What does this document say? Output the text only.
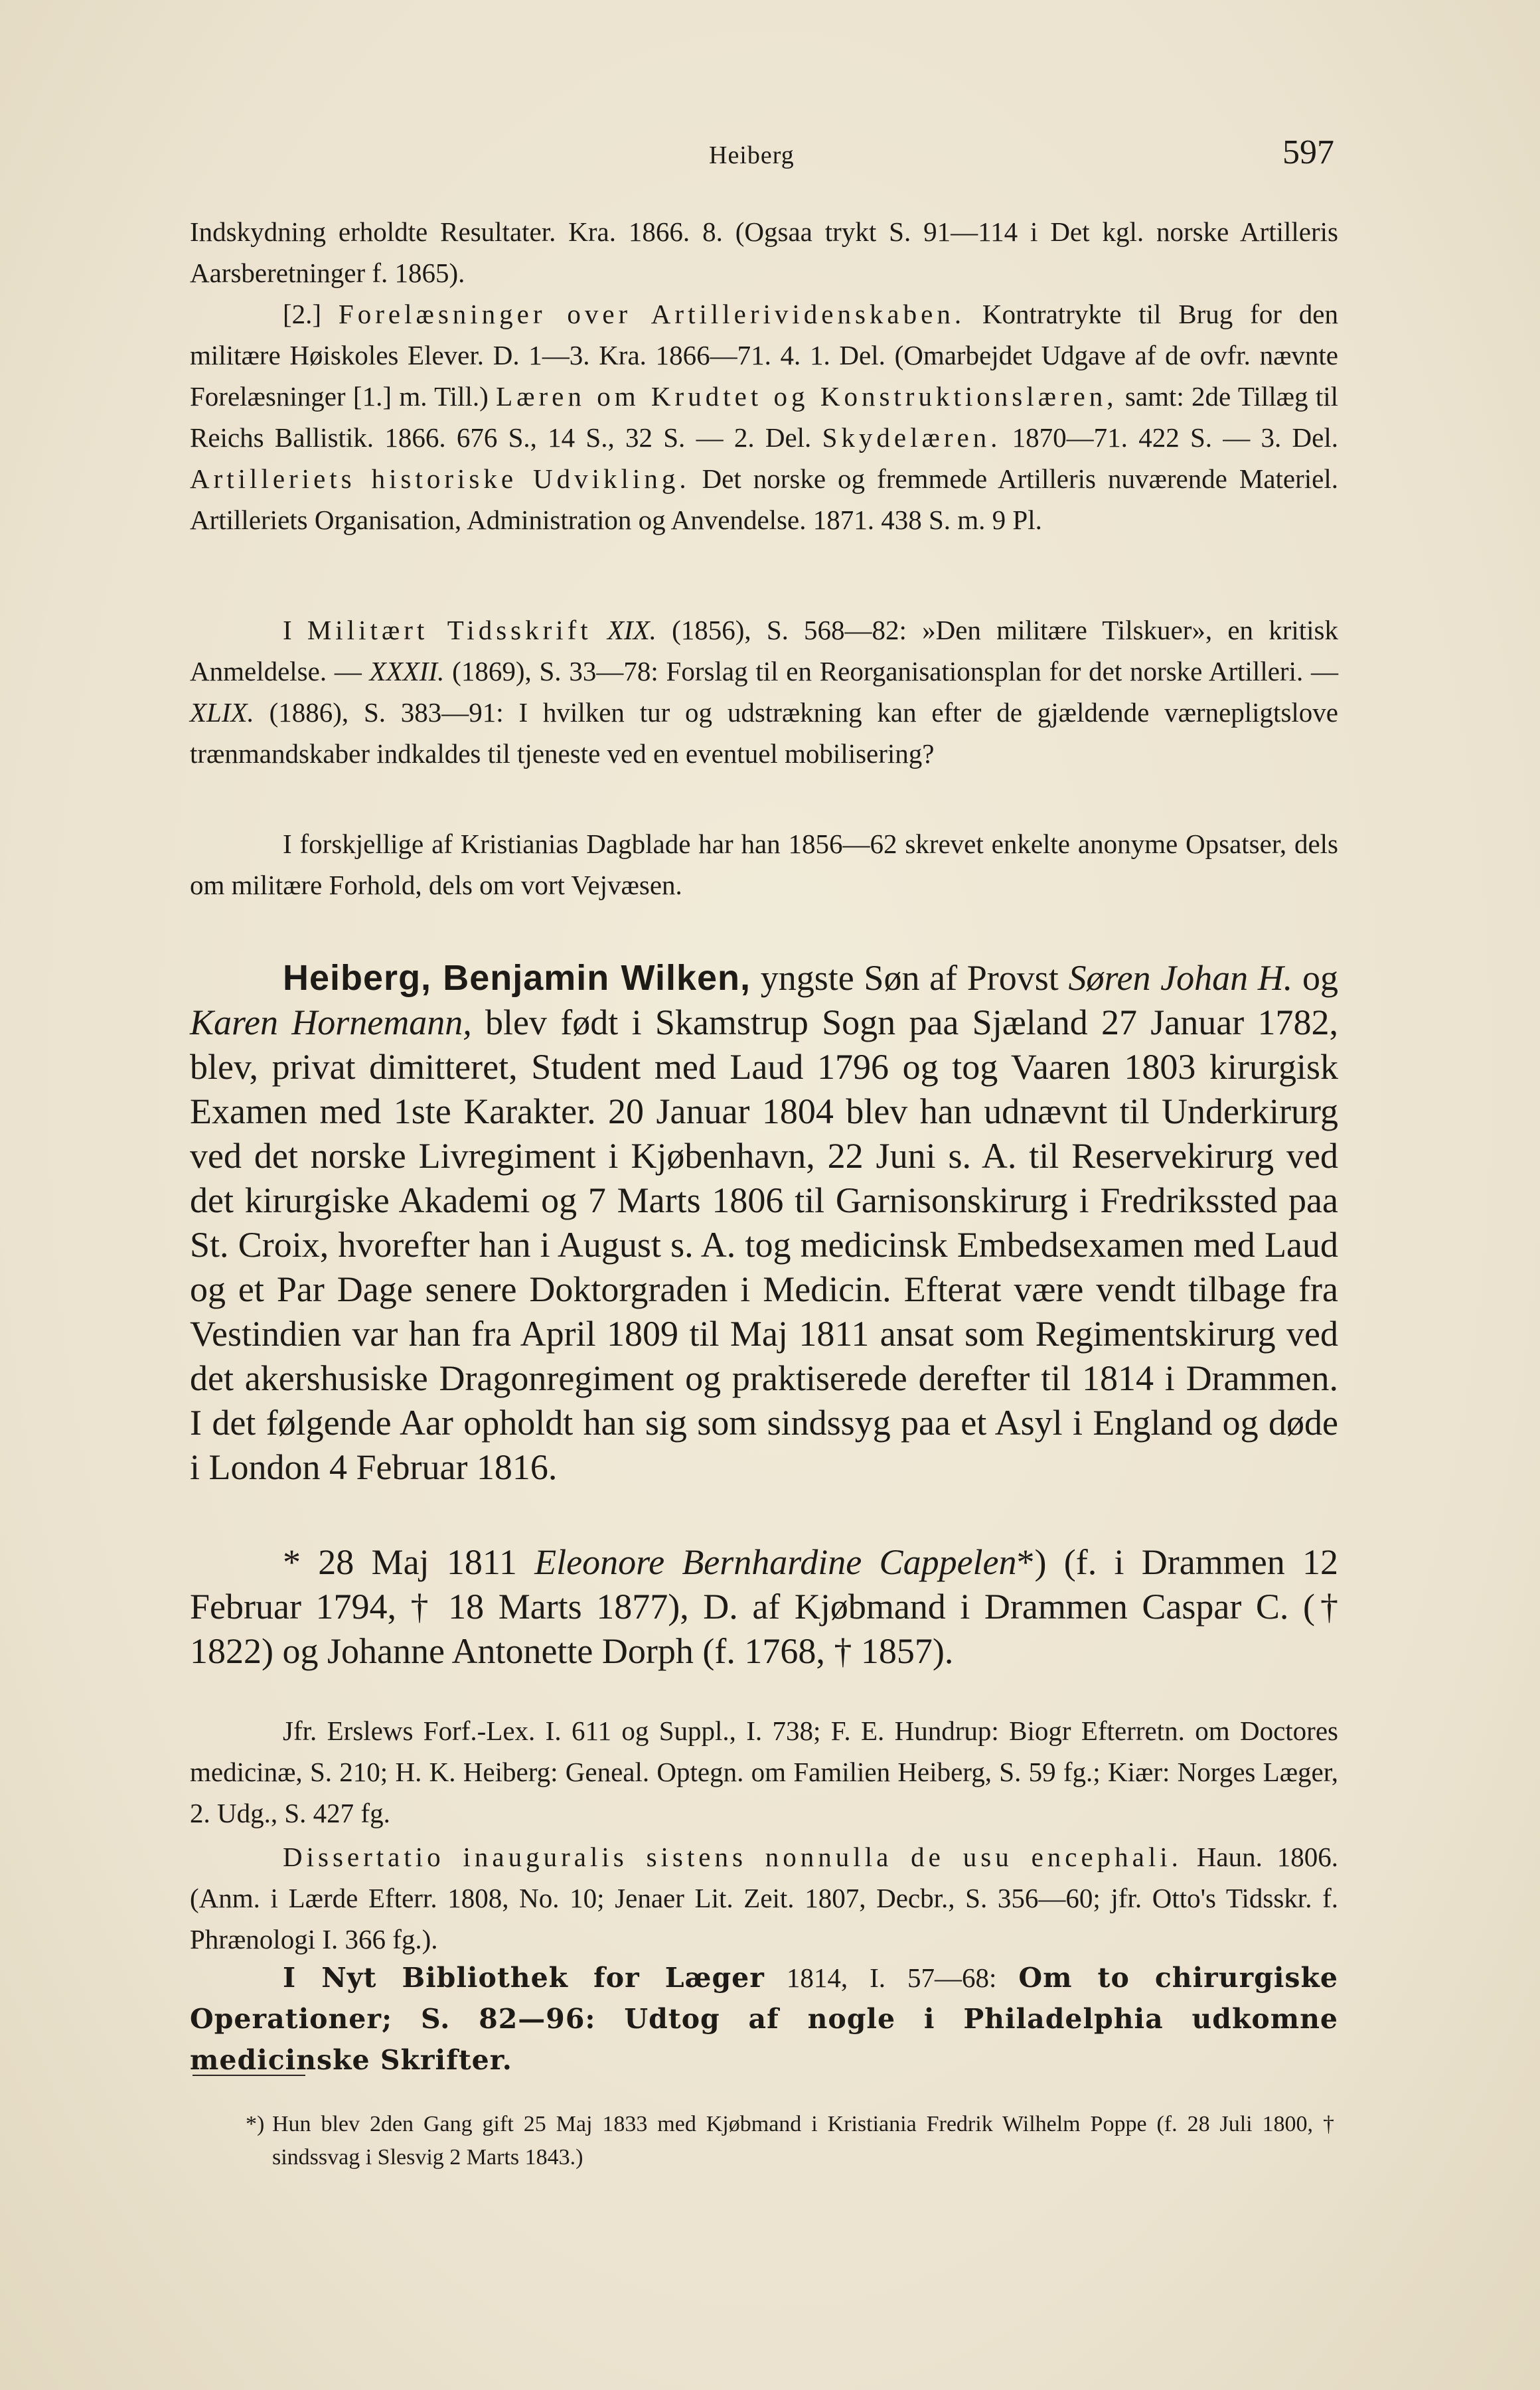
Heiberg	597

Indskydning erholdte Resultater. Kra. 1866. 8. (Ogsaa trykt S. 91—114 i Det kgl. norske Artilleris Aarsberetninger f. 1865).

[2.] Forelæsninger over Artillerividenskaben. Kontratrykte til Brug for den militære Høiskoles Elever. D. 1—3. Kra. 1866—71. 4. 1. Del. (Omarbejdet Udgave af de ovfr. nævnte Forelæsninger [1.] m. Till.) Læren om Krudtet og Konstruktionslæren, samt: 2de Tillæg til Reichs Ballistik. 1866. 676 S., 14 S., 32 S. — 2. Del. Skydelæren. 1870—71. 422 S. — 3. Del. Artilleriets historiske Udvikling. Det norske og fremmede Artilleris nuværende Materiel. Artilleriets Organisation, Administration og Anvendelse. 1871. 438 S. m. 9 Pl.

I Militært Tidsskrift XIX. (1856), S. 568—82: »Den militære Tilskuer», en kritisk Anmeldelse. — XXXII. (1869), S. 33—78: Forslag til en Reorganisationsplan for det norske Artilleri. — XLIX. (1886), S. 383—91: I hvilken tur og udstrækning kan efter de gjældende værnepligtslove trænmandskaber indkaldes til tjeneste ved en eventuel mobilisering?

I forskjellige af Kristianias Dagblade har han 1856—62 skrevet enkelte anonyme Opsatser, dels om militære Forhold, dels om vort Vejvæsen.

Heiberg, Benjamin Wilken, yngste Søn af Provst Søren Johan H. og Karen Hornemann, blev født i Skamstrup Sogn paa Sjæland 27 Januar 1782, blev, privat dimitteret, Student med Laud 1796 og tog Vaaren 1803 kirurgisk Examen med 1ste Karakter. 20 Januar 1804 blev han udnævnt til Underkirurg ved det norske Livregiment i Kjøbenhavn, 22 Juni s. A. til Reservekirurg ved det kirurgiske Akademi og 7 Marts 1806 til Garnisonskirurg i Fredrikssted paa St. Croix, hvorefter han i August s. A. tog medicinsk Embedsexamen med Laud og et Par Dage senere Doktorgraden i Medicin. Efterat være vendt tilbage fra Vestindien var han fra April 1809 til Maj 1811 ansat som Regimentskirurg ved det akershusiske Dragonregiment og praktiserede derefter til 1814 i Drammen. I det følgende Aar opholdt han sig som sindssyg paa et Asyl i England og døde i London 4 Februar 1816.

* 28 Maj 1811 Eleonore Bernhardine Cappelen*) (f. i Drammen 12 Februar 1794, † 18 Marts 1877), D. af Kjøbmand i Drammen Caspar C. († 1822) og Johanne Antonette Dorph (f. 1768, † 1857).

Jfr. Erslews Forf.-Lex. I. 611 og Suppl., I. 738; F. E. Hundrup: Biogr Efterretn. om Doctores medicinæ, S. 210; H. K. Heiberg: Geneal. Optegn. om Familien Heiberg, S. 59 fg.; Kiær: Norges Læger, 2. Udg., S. 427 fg.

Dissertatio inauguralis sistens nonnulla de usu encephali. Haun. 1806. (Anm. i Lærde Efterr. 1808, No. 10; Jenaer Lit. Zeit. 1807, Decbr., S. 356—60; jfr. Otto's Tidsskr. f. Phrænologi I. 366 fg.).

I Nyt Bibliothek for Læger 1814, I. 57—68: Om to chirurgiske Operationer; S. 82—96: Udtog af nogle i Philadelphia udkomne medicinske Skrifter.

*) Hun blev 2den Gang gift 25 Maj 1833 med Kjøbmand i Kristiania Fredrik Wilhelm Poppe (f. 28 Juli 1800, † sindssvag i Slesvig 2 Marts 1843.)
